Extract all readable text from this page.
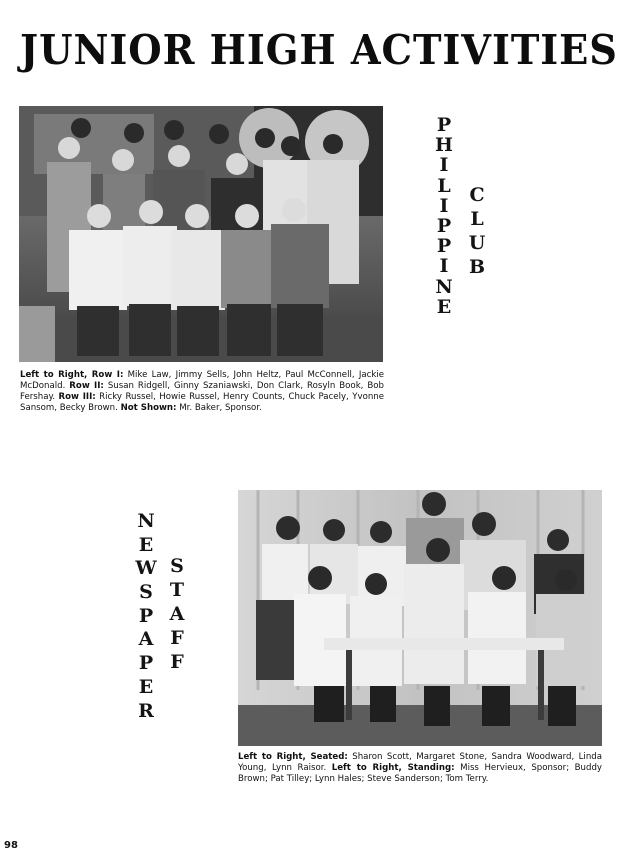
JUNIOR HIGH ACTIVITIES
P
H
I
L
I
P
P
I
N
E
C
L
U
B
Left to Right, Row I: Mike Law, Jimmy Sells, John Heltz, Paul McConnell, Jackie McDonald. Row II: Susan Ridgell, Ginny Szaniawski, Don Clark, Rosyln Book, Bob Fershay. Row III: Ricky Russel, Howie Russel, Henry Counts, Chuck Pacely, Yvonne Sansom, Becky Brown. Not Shown: Mr. Baker, Sponsor.
N
E
W
S
P
A
P
E
R
S
T
A
F
F
Left to Right, Seated: Sharon Scott, Margaret Stone, Sandra Woodward, Linda Young, Lynn Raisor. Left to Right, Standing: Miss Hervieux, Sponsor; Buddy Brown; Pat Tilley; Lynn Hales; Steve Sanderson; Tom Terry.
98
